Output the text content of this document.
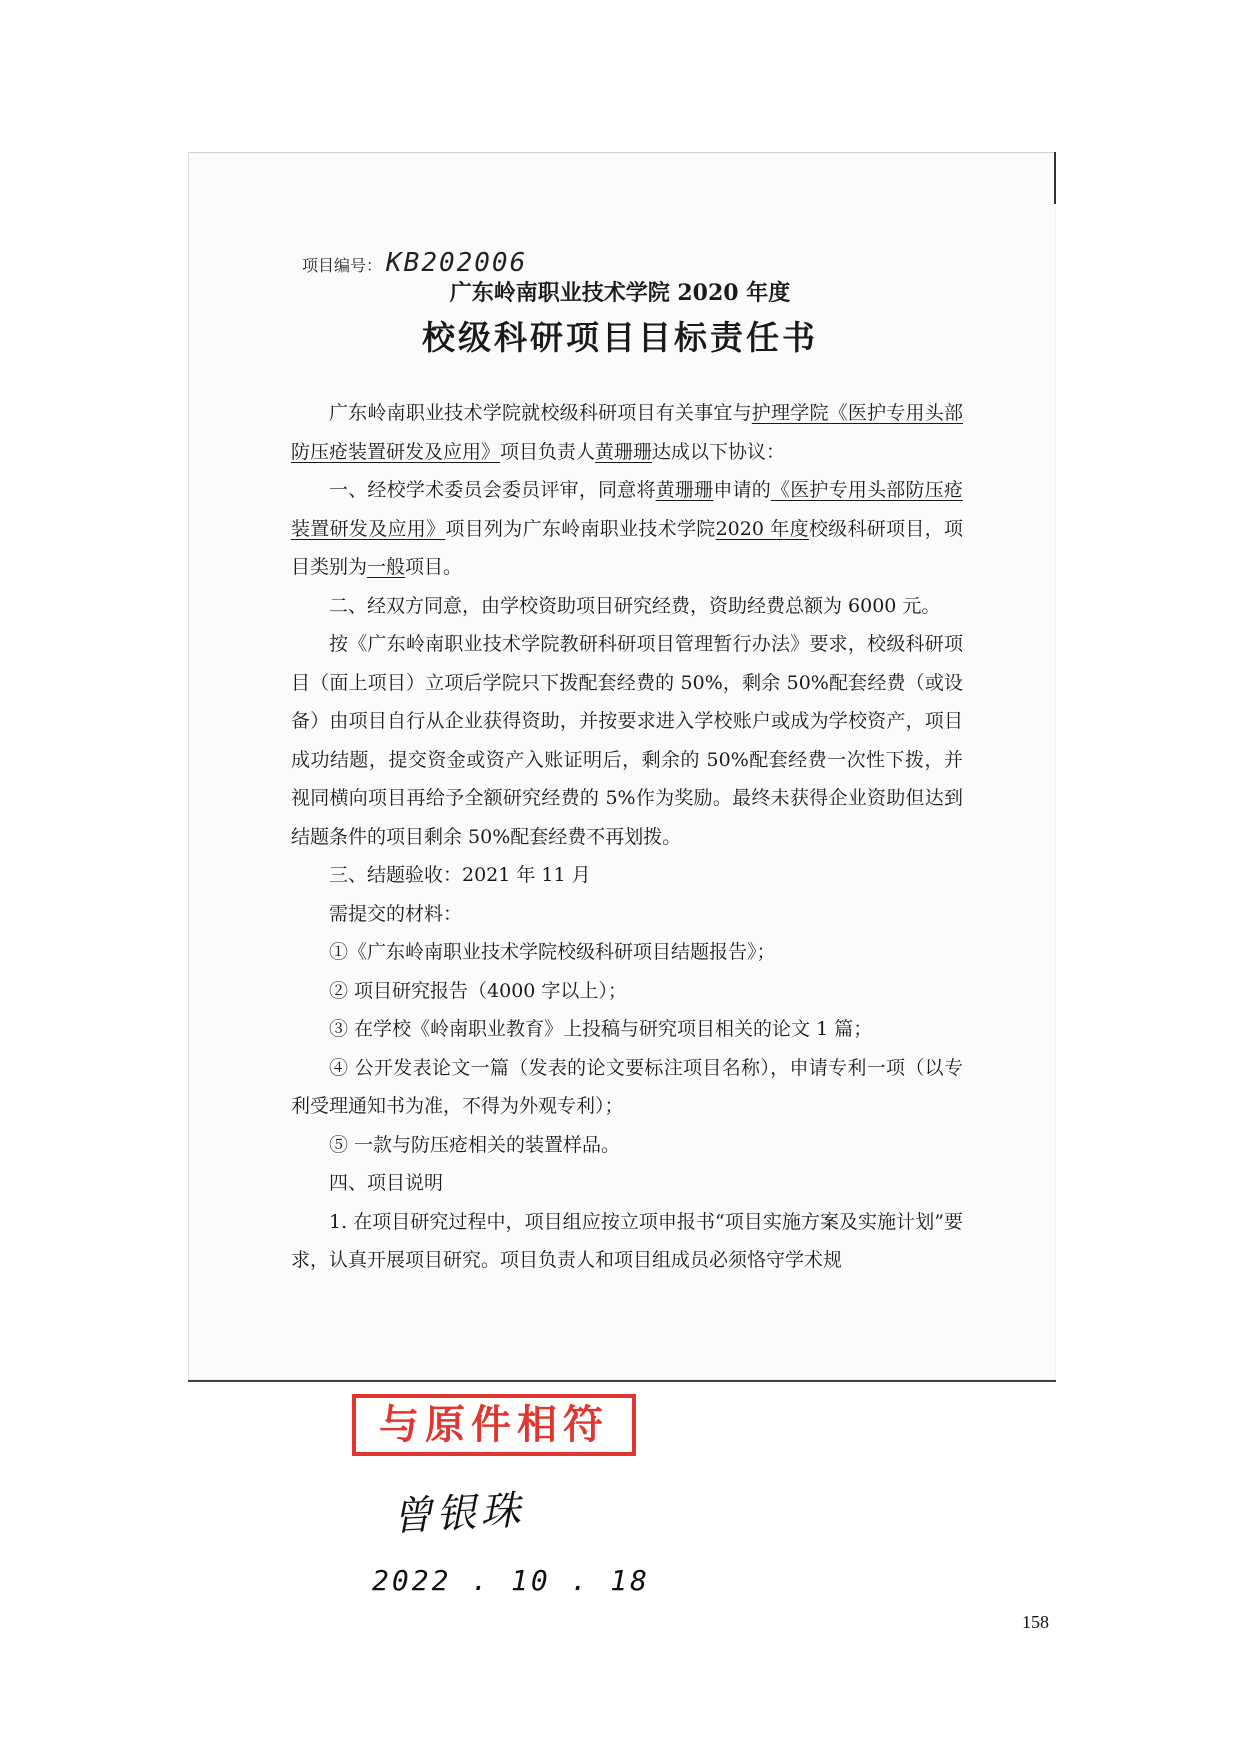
项目编号： KB202006
广东岭南职业技术学院 2020 年度
校级科研项目目标责任书

广东岭南职业技术学院就校级科研项目有关事宜与护理学院《医护专用头部防压疮装置研发及应用》项目负责人黄珊珊达成以下协议：

一、经校学术委员会委员评审，同意将黄珊珊申请的《医护专用头部防压疮装置研发及应用》项目列为广东岭南职业技术学院2020 年度校级科研项目，项目类别为一般项目。

二、经双方同意，由学校资助项目研究经费，资助经费总额为 6000 元。

按《广东岭南职业技术学院教研科研项目管理暂行办法》要求，校级科研项目（面上项目）立项后学院只下拨配套经费的 50%，剩余 50%配套经费（或设备）由项目自行从企业获得资助，并按要求进入学校账户或成为学校资产，项目成功结题，提交资金或资产入账证明后，剩余的 50%配套经费一次性下拨，并视同横向项目再给予全额研究经费的 5%作为奖励。最终未获得企业资助但达到结题条件的项目剩余 50%配套经费不再划拨。

三、结题验收：2021 年 11 月

需提交的材料：

①《广东岭南职业技术学院校级科研项目结题报告》；

② 项目研究报告（4000 字以上）；

③ 在学校《岭南职业教育》上投稿与研究项目相关的论文 1 篇；

④ 公开发表论文一篇（发表的论文要标注项目名称），申请专利一项（以专利受理通知书为准，不得为外观专利）；

⑤ 一款与防压疮相关的装置样品。

四、项目说明

1. 在项目研究过程中，项目组应按立项申报书“项目实施方案及实施计划”要求，认真开展项目研究。项目负责人和项目组成员必须恪守学术规

与原件相符
曾银珠
2022 . 10 . 18
158
